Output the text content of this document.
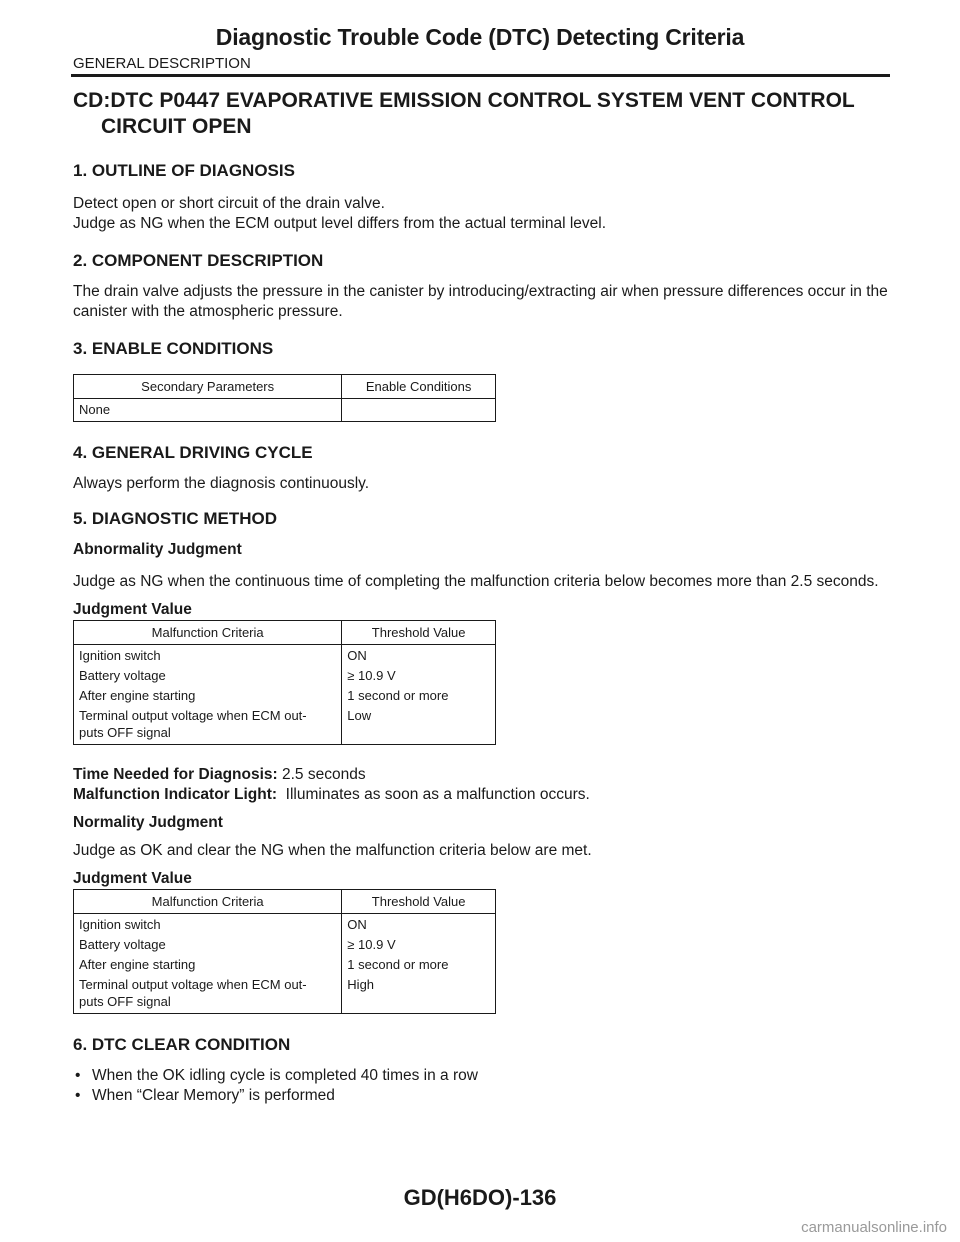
Diagnostic Trouble Code (DTC) Detecting Criteria
GENERAL DESCRIPTION
CD:DTC P0447 EVAPORATIVE EMISSION CONTROL SYSTEM VENT CONTROL CIRCUIT OPEN
1. OUTLINE OF DIAGNOSIS

Detect open or short circuit of the drain valve.

Judge as NG when the ECM output level differs from the actual terminal level.

2. COMPONENT DESCRIPTION

The drain valve adjusts the pressure in the canister by introducing/extracting air when pressure differences occur in the canister with the atmospheric pressure.

3. ENABLE CONDITIONS
Secondary Parameters	Enable Conditions
None	
4. GENERAL DRIVING CYCLE

Always perform the diagnosis continuously.

5. DIAGNOSTIC METHOD
Abnormality Judgment

Judge as NG when the continuous time of completing the malfunction criteria below becomes more than 2.5 seconds.

Judgment Value
Malfunction Criteria	Threshold Value
Ignition switch	ON
Battery voltage	≥ 10.9 V
After engine starting	1 second or more
Terminal output voltage when ECM out-
puts OFF signal	Low

Time Needed for Diagnosis: 2.5 seconds

Malfunction Indicator Light:  Illuminates as soon as a malfunction occurs.

Normality Judgment

Judge as OK and clear the NG when the malfunction criteria below are met.

Judgment Value
Malfunction Criteria	Threshold Value
Ignition switch	ON
Battery voltage	≥ 10.9 V
After engine starting	1 second or more
Terminal output voltage when ECM out-
puts OFF signal	High
6. DTC CLEAR CONDITION
• When the OK idling cycle is completed 40 times in a row
• When “Clear Memory” is performed
GD(H6DO)-136
carmanualsonline.info
